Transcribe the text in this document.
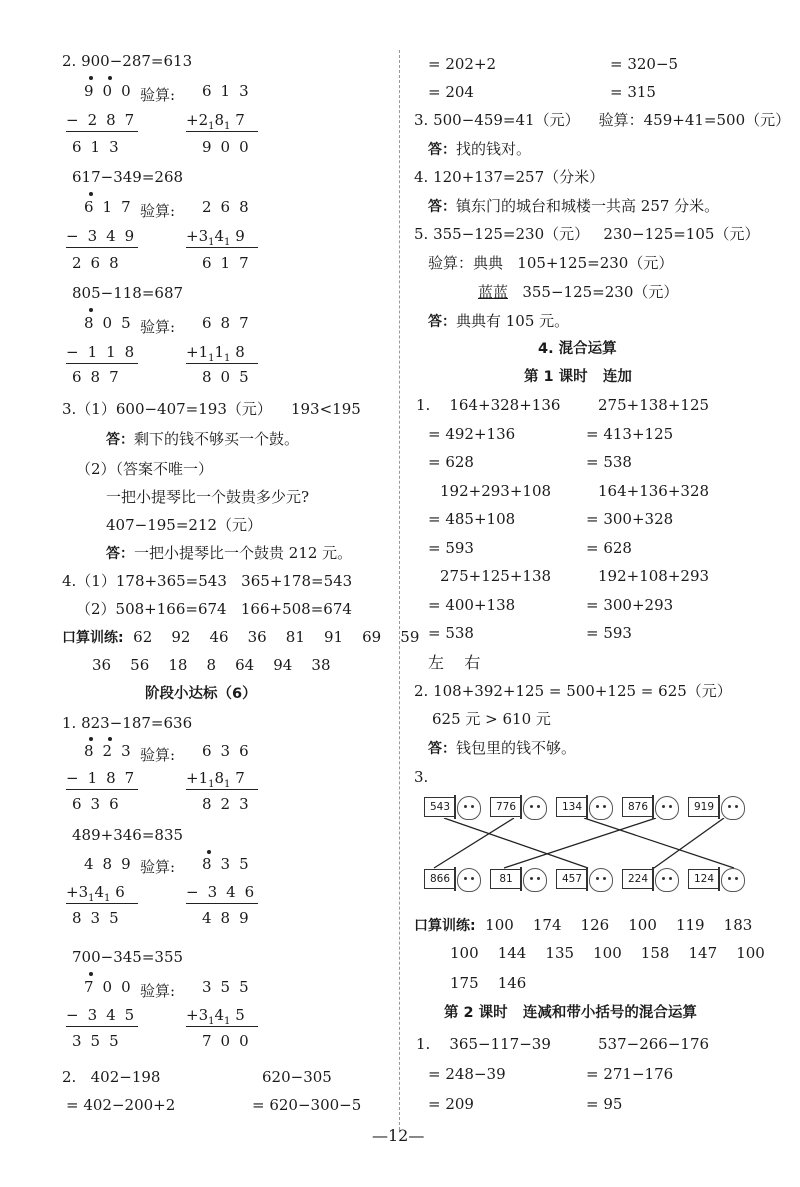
2. 900−287=613
900 验算: 613
−287	$+2_18_1$ 7
613	900
617−349=268
617 验算: 268
−349	$+3_14_1$ 9
268	617
805−118=687
805 验算: 687
−118	$+1_11_1$ 8
687	805
3.（1）600−407=193（元）    193<195
答：剩下的钱不够买一个鼓。
（2）（答案不唯一）
一把小提琴比一个鼓贵多少元?
407−195=212（元）
答：一把小提琴比一个鼓贵 212 元。
4.（1）178+365=543   365+178=543
（2）508+166=674   166+508=674
口算训练: 62    92    46    36    81    91    69    59
36    56    18    8    64    94    38
阶段小达标（6）
1. 823−187=636
823 验算: 636
−187	$+1_18_1$ 7
636	823
489+346=835
489 验算: 835
$+3_14_1$ 6	−346
835	489
700−345=355
700 验算: 355
−345	$+3_14_1$ 5
355	700
2.   402−198	620−305
= 402−200+2	= 620−300−5
= 202+2	= 320−5
= 204	= 315
3. 500−459=41（元）    验算：459+41=500（元）
答：找的钱对。
4. 120+137=257（分米）
答：镇东门的城台和城楼一共高 257 分米。
5. 355−125=230（元）   230−125=105（元）
验算：典典   105+125=230（元）
蓝蓝 355−125=230（元）
答：典典有 105 元。
4. 混合运算
第 1 课时   连加
1.    164+328+136	275+138+125
= 492+136	= 413+125
= 628	= 538
192+293+108	164+136+328
= 485+108	= 300+328
= 593	= 628
275+125+138	192+108+293
= 400+138	= 300+293
= 538	= 593
左    右
2. 108+392+125 = 500+125 = 625（元）
625 元 > 610 元
答：钱包里的钱不够。
3.
543	776	134	876	919
866	81	457	224	124
口算训练: 100    174    126    100    119    183
100    144    135    100    158    147    100
175    146
第 2 课时   连减和带小括号的混合运算
1.    365−117−39	537−266−176
= 248−39	= 271−176
= 209	= 95
—12—
